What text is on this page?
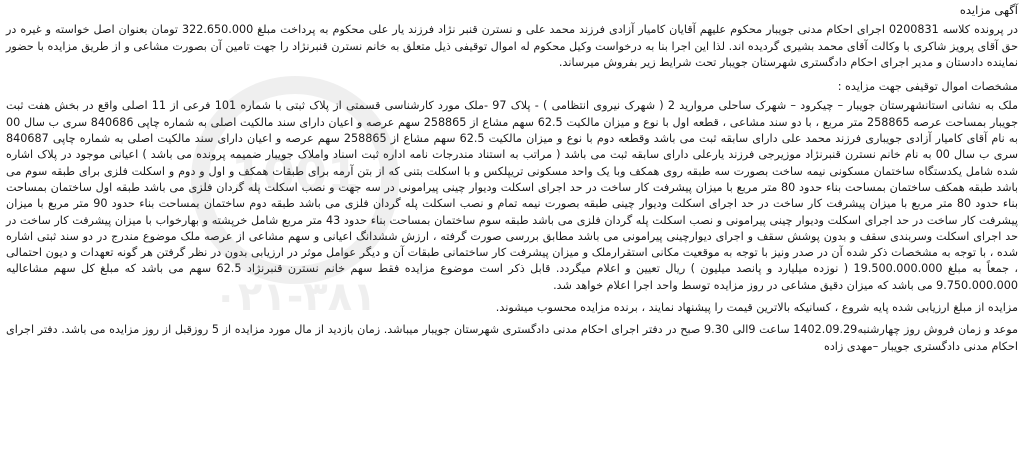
آگهی مزایده

در پرونده کلاسه 0200831 اجرای احکام مدنی جویبار محکوم علیهم آقایان کامیار آزادی فرزند محمد علی و نسترن قنبر نژاد فرزند یار علی محکوم به پرداخت مبلغ 322.650.000 تومان بعنوان اصل خواسته و غیره در حق آقای پرویز شاکری با وکالت آقای محمد بشیری گردیده اند. لذا این اجرا بنا به درخواست وکیل محکوم له اموال توقیفی ذیل متعلق به خانم نسترن قنبرنژاد را جهت تامین آن بصورت مشاعی و از طریق مزایده با حضور نماینده دادستان و مدیر اجرای احکام دادگستری شهرستان جویبار تحت شرایط زیر بفروش میرساند.

مشخصات اموال توقیفی جهت مزایده :

ملک به نشانی استانشهرستان جویبار – چیکرود – شهرک ساحلی مرواريد 2 ( شهرک نیروی انتظامی ) - پلاک 97 -ملک مورد کارشناسی قسمتی از پلاک ثبتی با شماره 101 فرعی از 11 اصلی واقع در بخش هفت ثبت جویبار بمساحت عرصه 258865 متر مربع ، با دو سند مشاعی ، قطعه اول با نوع و میزان مالکیت 62.5 سهم مشاع از 258865 سهم عرصه و اعیان دارای سند مالکیت اصلی به شماره چاپی 840686 سری ب سال 00 به نام آقای کامیار آزادی جویباری فرزند محمد علی دارای سابقه ثبت می باشد وقطعه دوم با نوع و میزان مالکیت 62.5 سهم مشاع از 258865 سهم عرصه و اعیان دارای سند مالکیت اصلی به شماره چاپی 840687 سری ب سال 00 به نام خانم نسترن قنبرنژاد موزیرجی فرزند یارعلی دارای سابقه ثبت می باشد ( مراتب به استناد مندرجات نامه اداره ثبت اسناد واملاک جویبار ضمیمه پرونده می باشد ) اعیانی موجود در پلاک اشاره شده شامل یکدستگاه ساختمان مسکونی نیمه ساخت بصورت سه طبقه روی همکف وبا یک واحد مسکونی تریپلکس و با اسکلت بتنی که از بتن آرمه برای طبقات همکف و اول و دوم و اسکلت فلزی برای طبقه سوم می باشد طبقه همکف ساختمان بمساحت بناء حدود 80 متر مربع با میزان پیشرفت کار ساخت در حد اجرای اسکلت ودیوار چینی پیرامونی در سه جهت و نصب اسکلت پله گردان فلزی می باشد طبقه اول ساختمان بمساحت بناء حدود 80 متر مربع با میزان پیشرفت کار ساخت در حد اجرای اسکلت ودیوار چینی طبقه بصورت نیمه تمام و نصب اسکلت پله گردان فلزی می باشد طبقه دوم ساختمان بمساحت بناء حدود 90 متر مربع با میزان پیشرفت کار ساخت در حد اجرای اسکلت ودیوار چینی پیرامونی و نصب اسکلت پله گردان فلزی می باشد طبقه سوم ساختمان بمساحت بناء حدود 43 متر مربع شامل خرپشته و بهارخواب با میزان پیشرفت کار ساخت در حد اجرای اسکلت وسربندی سقف و بدون پوشش سقف و اجرای دیوارچینی پیرامونی می باشد مطابق بررسی صورت گرفته ، ارزش ششدانگ اعیانی و سهم مشاعی از عرصه ملک موضوع مندرج در دو سند ثبتی اشاره شده ، با توجه به مشخصات ذکر شده آن در صدر ونیز با توجه به موقعیت مکانی استقرارملک و میزان پیشرفت کار ساختمانی طبقات آن و دیگر عوامل موثر در ارزیابی بدون در نظر گرفتن هر گونه تعهدات و دیون احتمالی ، جمعاً به مبلغ 19.500.000.000 ( نوزده میلیارد و پانصد میلیون ) ریال تعیین و اعلام میگردد. قابل ذکر است موضوع مزایده فقط سهم خانم نسترن قنبرنژاد 62.5 سهم می باشد که مبلغ کل سهم مشاعالیه 9.750.000.000 می باشد که میزان دقیق مشاعی در روز مزایده توسط واحد اجرا اعلام خواهد شد.

مزایده از مبلغ ارزیابی شده پایه شروع ، کسانیکه بالاترین قیمت را پیشنهاد نمایند ، برنده مزایده محسوب میشوند.

موعد و زمان فروش روز چهارشنبه1402.09.29 ساعت 9الی 9.30 صبح در دفتر اجرای احکام مدنی دادگستری شهرستان جویبار میباشد. زمان بازدید از مال مورد مزایده از 5 روزقبل از روز مزایده می باشد. دفتر اجرای احکام مدنی دادگستری جویبار –مهدی زاده

1001
۰۲۱-۳۸۱
